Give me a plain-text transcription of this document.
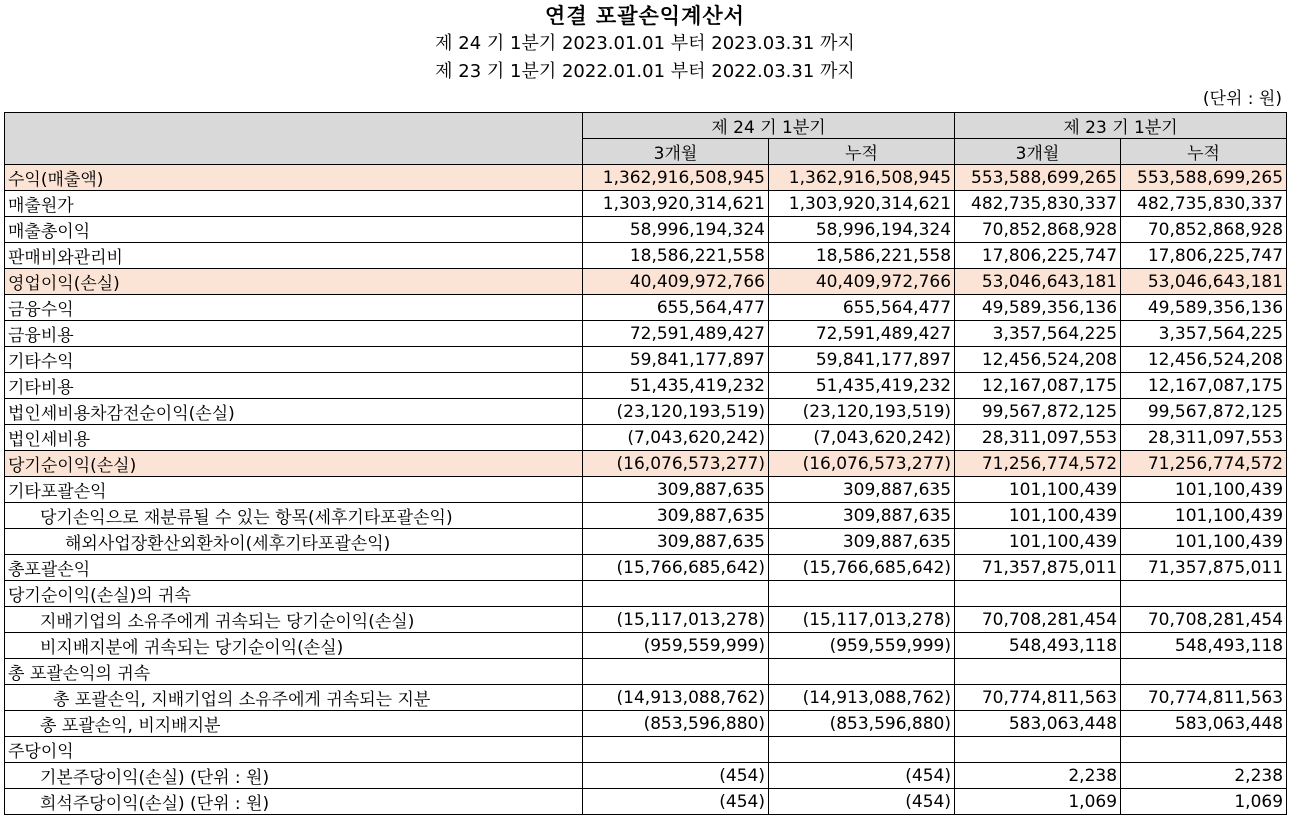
연결 포괄손익계산서
제 24 기 1분기 2023.01.01 부터 2023.03.31 까지
제 23 기 1분기 2022.01.01 부터 2022.03.31 까지
(단위 : 원)
	제 24 기 1분기		제 23 기 1분기	
	3개월	누적	3개월	누적
수익(매출액)	1,362,916,508,945	1,362,916,508,945	553,588,699,265	553,588,699,265
매출원가	1,303,920,314,621	1,303,920,314,621	482,735,830,337	482,735,830,337
매출총이익	58,996,194,324	58,996,194,324	70,852,868,928	70,852,868,928
판매비와관리비	18,586,221,558	18,586,221,558	17,806,225,747	17,806,225,747
영업이익(손실)	40,409,972,766	40,409,972,766	53,046,643,181	53,046,643,181
금융수익	655,564,477	655,564,477	49,589,356,136	49,589,356,136
금융비용	72,591,489,427	72,591,489,427	3,357,564,225	3,357,564,225
기타수익	59,841,177,897	59,841,177,897	12,456,524,208	12,456,524,208
기타비용	51,435,419,232	51,435,419,232	12,167,087,175	12,167,087,175
법인세비용차감전순이익(손실)	(23,120,193,519)	(23,120,193,519)	99,567,872,125	99,567,872,125
법인세비용	(7,043,620,242)	(7,043,620,242)	28,311,097,553	28,311,097,553
당기순이익(손실)	(16,076,573,277)	(16,076,573,277)	71,256,774,572	71,256,774,572
기타포괄손익	309,887,635	309,887,635	101,100,439	101,100,439
당기손익으로 재분류될 수 있는 항목(세후기타포괄손익)	309,887,635	309,887,635	101,100,439	101,100,439
해외사업장환산외환차이(세후기타포괄손익)	309,887,635	309,887,635	101,100,439	101,100,439
총포괄손익	(15,766,685,642)	(15,766,685,642)	71,357,875,011	71,357,875,011
당기순이익(손실)의 귀속				
지배기업의 소유주에게 귀속되는 당기순이익(손실)	(15,117,013,278)	(15,117,013,278)	70,708,281,454	70,708,281,454
비지배지분에 귀속되는 당기순이익(손실)	(959,559,999)	(959,559,999)	548,493,118	548,493,118
총 포괄손익의 귀속				
총 포괄손익, 지배기업의 소유주에게 귀속되는 지분	(14,913,088,762)	(14,913,088,762)	70,774,811,563	70,774,811,563
총 포괄손익, 비지배지분	(853,596,880)	(853,596,880)	583,063,448	583,063,448
주당이익				
기본주당이익(손실) (단위 : 원)	(454)	(454)	2,238	2,238
희석주당이익(손실) (단위 : 원)	(454)	(454)	1,069	1,069
